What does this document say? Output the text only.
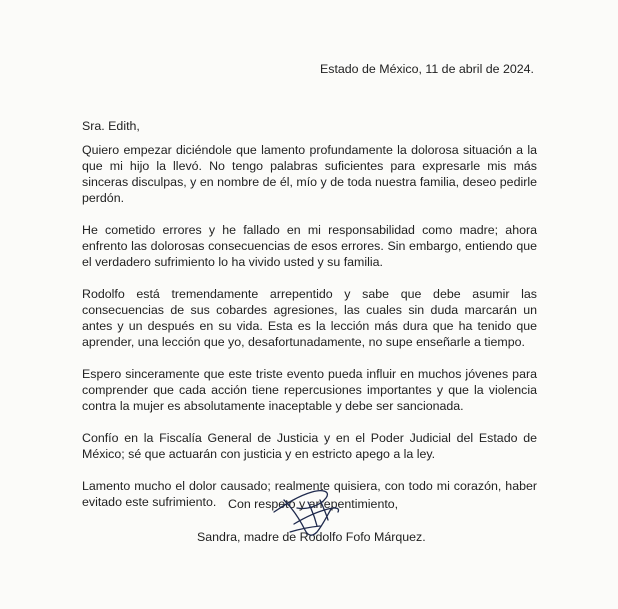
Estado de México, 11 de abril de 2024.
Sra. Edith,

Quiero empezar diciéndole que lamento profundamente la dolorosa situación a la que mi hijo la llevó. No tengo palabras suficientes para expresarle mis más sinceras disculpas, y en nombre de él, mío y de toda nuestra familia, deseo pedirle perdón.

He cometido errores y he fallado en mi responsabilidad como madre; ahora enfrento las dolorosas consecuencias de esos errores. Sin embargo, entiendo que el verdadero sufrimiento lo ha vivido usted y su familia.

Rodolfo está tremendamente arrepentido y sabe que debe asumir las consecuencias de sus cobardes agresiones, las cuales sin duda marcarán un antes y un después en su vida. Esta es la lección más dura que ha tenido que aprender, una lección que yo, desafortunadamente, no supe enseñarle a tiempo.

Espero sinceramente que este triste evento pueda influir en muchos jóvenes para comprender que cada acción tiene repercusiones importantes y que la violencia contra la mujer es absolutamente inaceptable y debe ser sancionada.

Confío en la Fiscalía General de Justicia y en el Poder Judicial del Estado de México; sé que actuarán con justicia y en estricto apego a la ley.

Lamento mucho el dolor causado; realmente quisiera, con todo mi corazón, haber evitado este sufrimiento. Con respeto y arrepentimiento,
Sandra, madre de Rodolfo Fofo Márquez.
